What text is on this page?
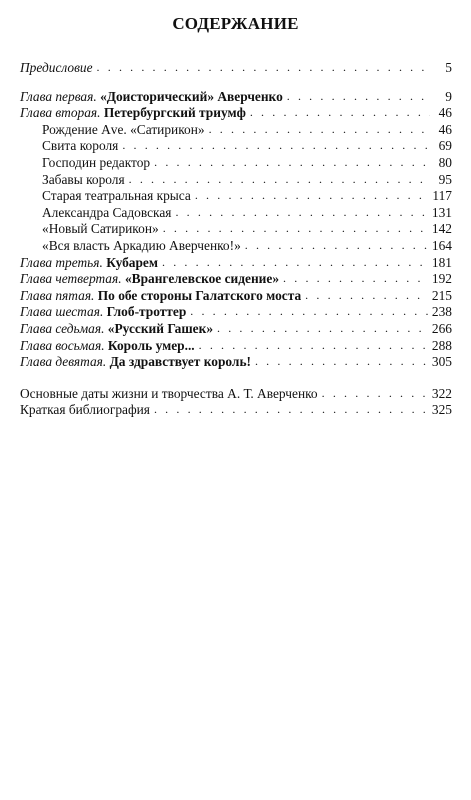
СОДЕРЖАНИЕ
Предисловие . . .	5
Глава первая. «Доисторический» Аверченко . . .	9
Глава вторая. Петербургский триумф . . .	46
Рождение Аvе. «Сатирикон» . . .	46
Свита короля . . .	69
Господин редактор . . .	80
Забавы короля . . .	95
Старая театральная крыса . . .	117
Александра Садовская . . .	131
«Новый Сатирикон» . . .	142
«Вся власть Аркадию Аверченко!» . . .	164
Глава третья. Кубарем . . .	181
Глава четвертая. «Врангелевское сидение» . . .	192
Глава пятая. По обе стороны Галатского моста . . .	215
Глава шестая. Глоб-троттер . . .	238
Глава седьмая. «Русский Гашек» . . .	266
Глава восьмая. Король умер... . . .	288
Глава девятая. Да здравствует король! . . .	305
Основные даты жизни и творчества А. Т. Аверченко . . .	322
Краткая библиография . . .	325
